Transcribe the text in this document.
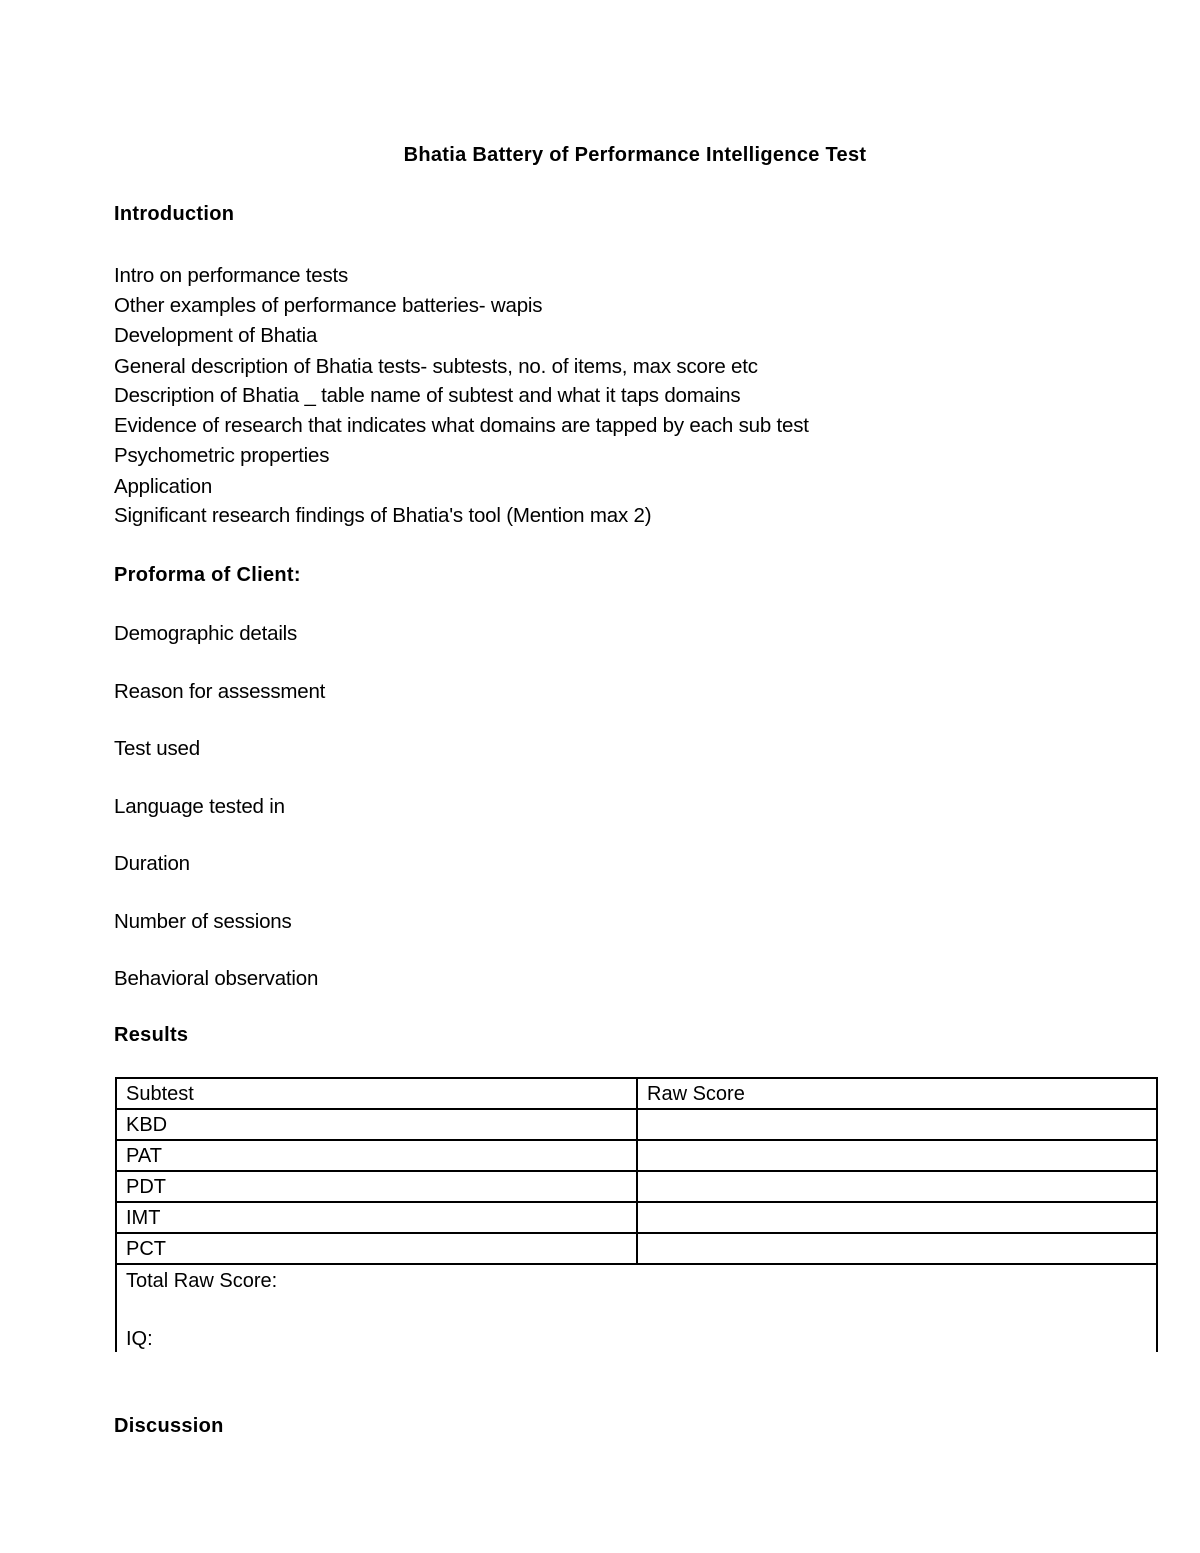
Bhatia Battery of Performance Intelligence Test
Introduction
Intro on performance tests
Other examples of performance batteries- wapis
Development of Bhatia
General description of Bhatia tests- subtests, no. of items, max score etc
Description of Bhatia _ table name of subtest and what it taps domains
Evidence of research that indicates what domains are tapped by each sub test
Psychometric properties
Application
Significant research findings of Bhatia's tool (Mention max 2)
Proforma of Client:
Demographic details
Reason for assessment
Test used
Language tested in
Duration
Number of sessions
Behavioral observation
Results
Subtest	Raw Score
KBD
PAT
PDT
IMT
PCT
Total Raw Score:
IQ:
Discussion
